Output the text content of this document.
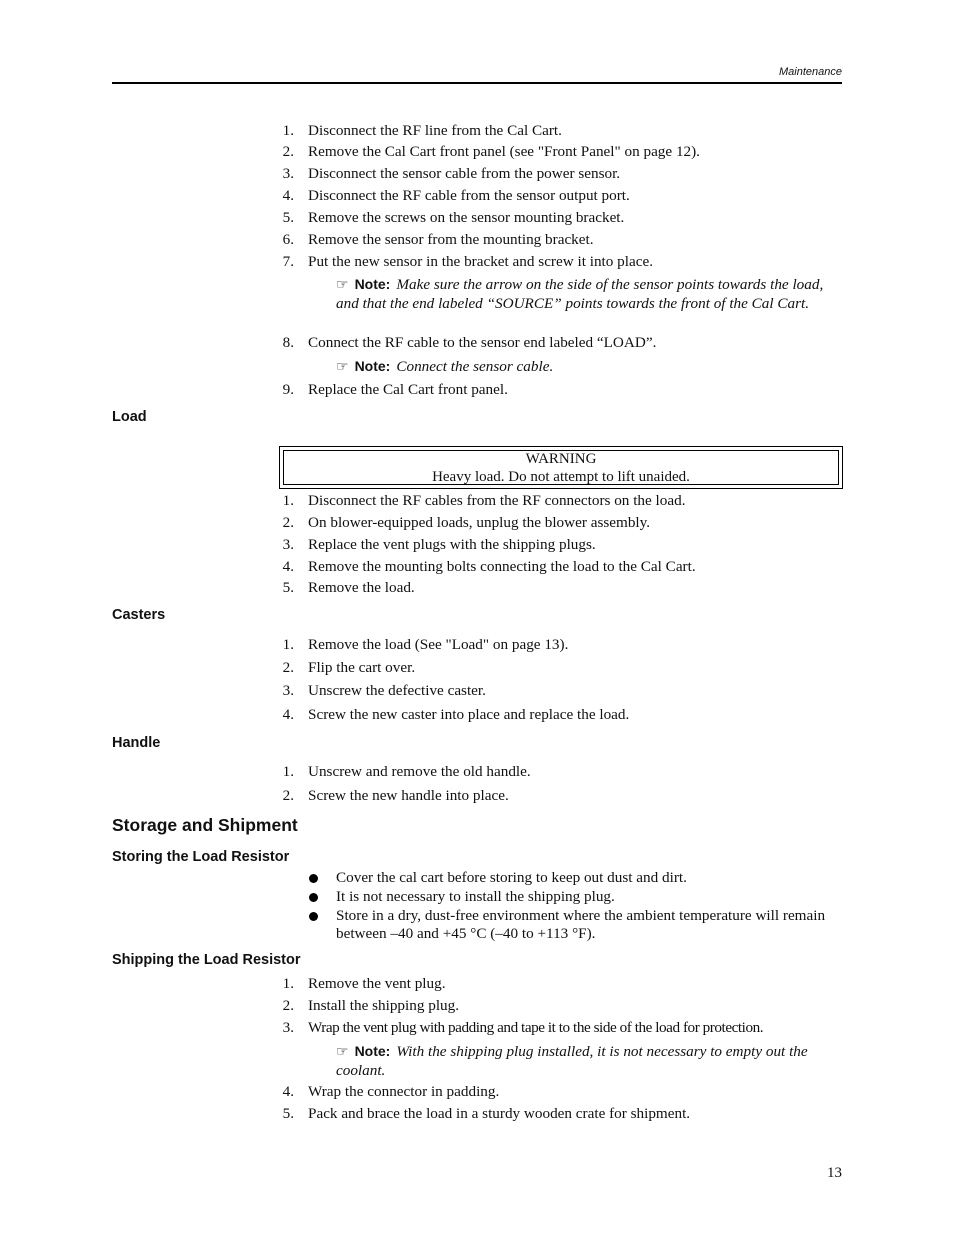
Maintenance
1. Disconnect the RF line from the Cal Cart.
2. Remove the Cal Cart front panel (see "Front Panel" on page 12).
3. Disconnect the sensor cable from the power sensor.
4. Disconnect the RF cable from the sensor output port.
5. Remove the screws on the sensor mounting bracket.
6. Remove the sensor from the mounting bracket.
7. Put the new sensor in the bracket and screw it into place.
☞ Note: Make sure the arrow on the side of the sensor points towards the load, and that the end labeled “SOURCE” points towards the front of the Cal Cart.
8. Connect the RF cable to the sensor end labeled “LOAD”.
☞ Note: Connect the sensor cable.
9. Replace the Cal Cart front panel.
Load
WARNING
Heavy load. Do not attempt to lift unaided.
1. Disconnect the RF cables from the RF connectors on the load.
2. On blower-equipped loads, unplug the blower assembly.
3. Replace the vent plugs with the shipping plugs.
4. Remove the mounting bolts connecting the load to the Cal Cart.
5. Remove the load.
Casters
1. Remove the load (See "Load" on page 13).
2. Flip the cart over.
3. Unscrew the defective caster.
4. Screw the new caster into place and replace the load.
Handle
1. Unscrew and remove the old handle.
2. Screw the new handle into place.
Storage and Shipment
Storing the Load Resistor
Cover the cal cart before storing to keep out dust and dirt.
It is not necessary to install the shipping plug.
Store in a dry, dust-free environment where the ambient temperature will remain between –40 and +45 °C (–40 to +113 °F).
Shipping the Load Resistor
1. Remove the vent plug.
2. Install the shipping plug.
3. Wrap the vent plug with padding and tape it to the side of the load for protection.
☞ Note: With the shipping plug installed, it is not necessary to empty out the coolant.
4. Wrap the connector in padding.
5. Pack and brace the load in a sturdy wooden crate for shipment.
13
